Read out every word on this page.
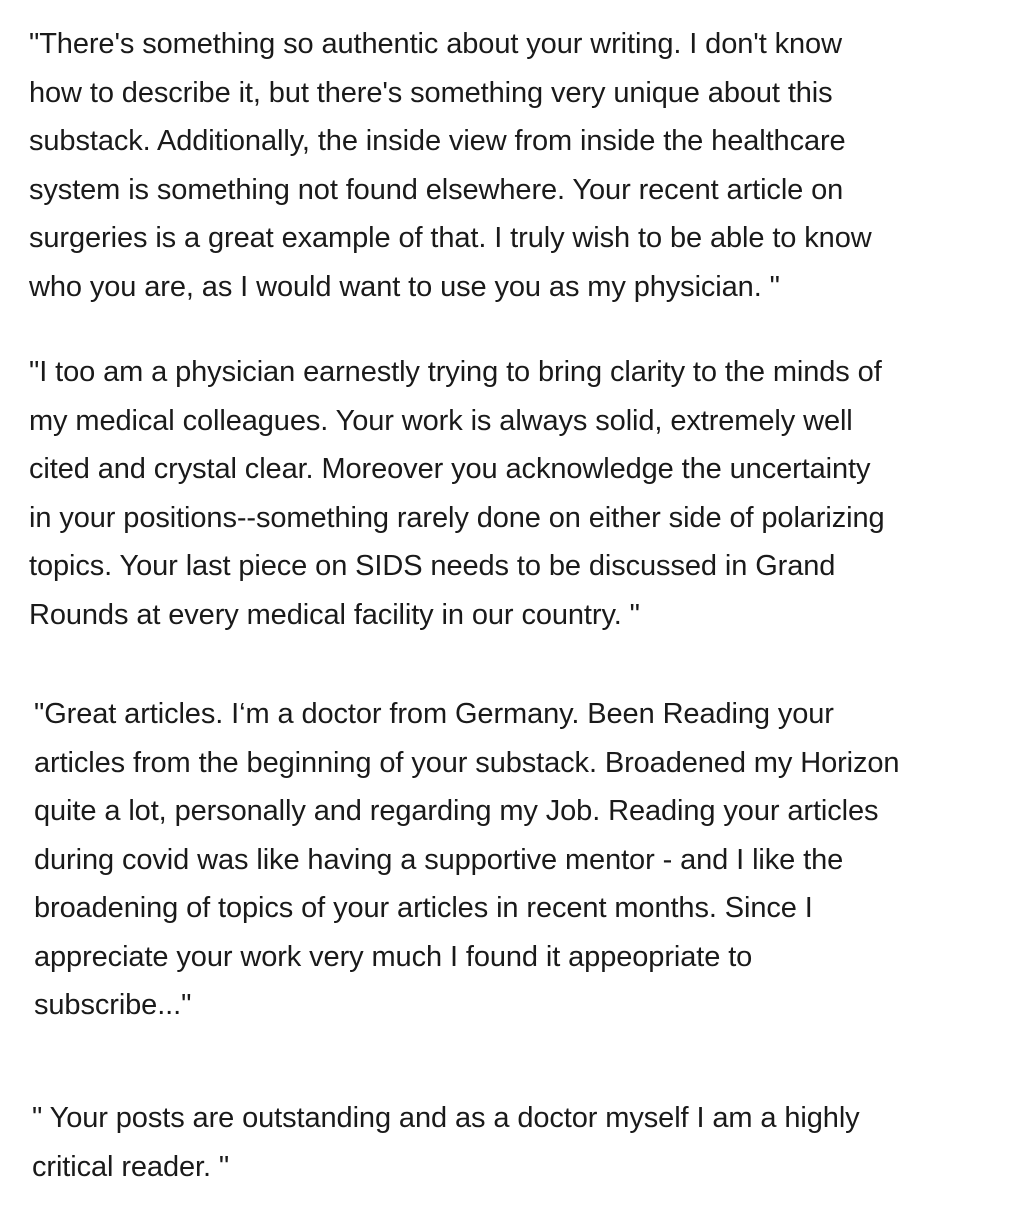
"There's something so authentic about your writing. I don't know
how to describe it, but there's something very unique about this
substack. Additionally, the inside view from inside the healthcare
system is something not found elsewhere. Your recent article on
surgeries is a great example of that. I truly wish to be able to know
who you are, as I would want to use you as my physician. "

"I too am a physician earnestly trying to bring clarity to the minds of
my medical colleagues. Your work is always solid, extremely well
cited and crystal clear. Moreover you acknowledge the uncertainty
in your positions--something rarely done on either side of polarizing
topics. Your last piece on SIDS needs to be discussed in Grand
Rounds at every medical facility in our country. "

"Great articles. I‘m a doctor from Germany. Been Reading your
articles from the beginning of your substack. Broadened my Horizon
quite a lot, personally and regarding my Job. Reading your articles
during covid was like having a supportive mentor - and I like the
broadening of topics of your articles in recent months. Since I
appreciate your work very much I found it appeopriate to
subscribe..."

" Your posts are outstanding and as a doctor myself I am a highly
critical reader. "
